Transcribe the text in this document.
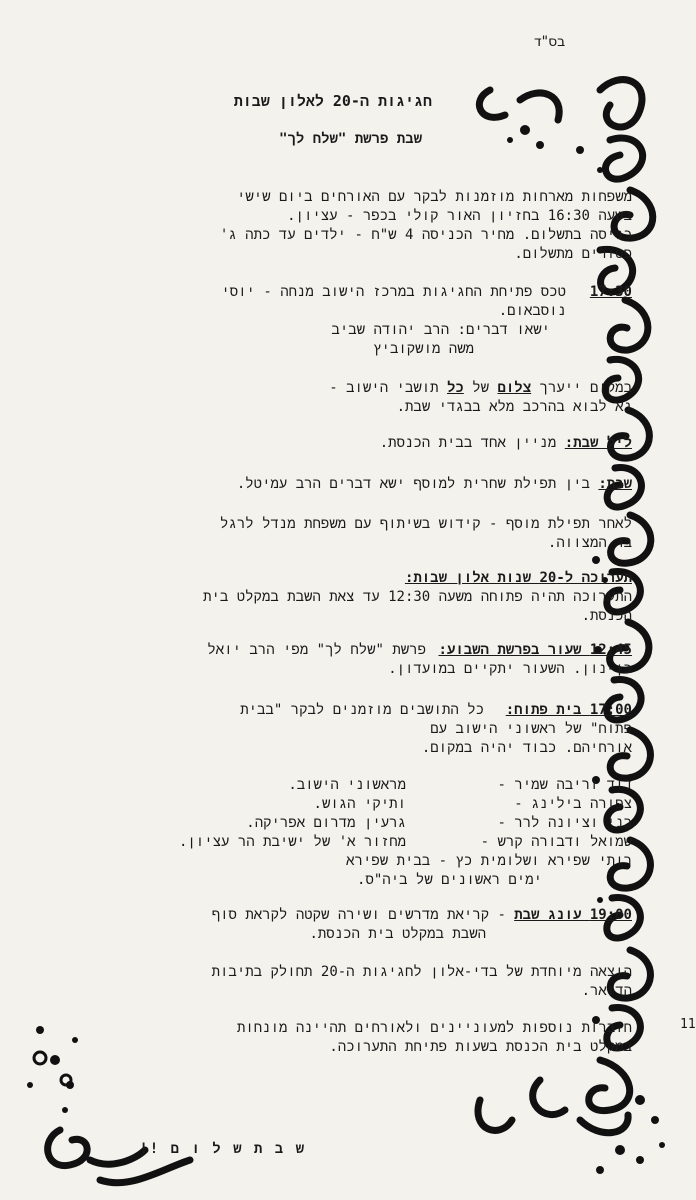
בס"ד
חגיגות ה-20 לאלון שבות
שבת פרשת "שלח לך"
משפחות מארחות מוזמנות לבקר עם האורחים ביום שישי
בשעה 16:30 בחזיון האור קולי בכפר - עציון.
כניסה בתשלום. מחיר הכניסה 4 ש"ח - ילדים עד כתה ג'
פטורים מתשלום.
17:30
טכס פתיחת החגיגות במרכז הישוב מנחה - יוסי
נוסבאום.
ישאו דברים: הרב יהודה שביב
משה מושקוביץ
במקום ייערך צלום של כל תושבי הישוב -
נא לבוא בהרכב מלא בבגדי שבת.
ליל שבת: מניין אחד בבית הכנסת.
שבת: בין תפילת שחרית למוסף ישא דברים הרב עמיטל.
לאחר תפילת מוסף - קידוש בשיתוף עם משפחת מנדל לרגל
בר המצווה.
תערוכה ל-20 שנות אלון שבות:
התערוכה תהיה פתוחה משעה 12:30 עד צאת השבת במקלט בית
הכנסת.
12:45 שעור בפרשת השבוע:
פרשת "שלח לך" מפי הרב יואל
בן-נון. השעור יתקיים במועדון.
17:00 בית פתוח:
כל התושבים מוזמנים לבקר "בבית
פתוח" של ראשוני הישוב עם
אורחיהם. כבוד יהיה במקום.
דוד וריבה שמיר -
מראשוני הישוב.
צפורה בילינג -
ותיקי הגוש.
בני וציונה לרר -
גרעין מדרום אפריקה.
שמואל ודבורה קרש -
מחזור א' של ישיבת הר עציון.
רותי שפירא ושלומית כץ - בבית שפירא
ימים ראשונים של ביה"ס.
19:00 עונג שבת
- קריאת מדרשים ושירה שקטה לקראת סוף
השבת במקלט בית הכנסת.
הוצאה מיוחדת של בדי-אלון לחגיגות ה-20 תחולק בתיבות
הדואר.
חוברות נוספות למעוניינים ולאורחים תהיינה מונחות
במקלט בית הכנסת בשעות פתיחת התערוכה.
ש ב ת ש ל ו ם !!
11
